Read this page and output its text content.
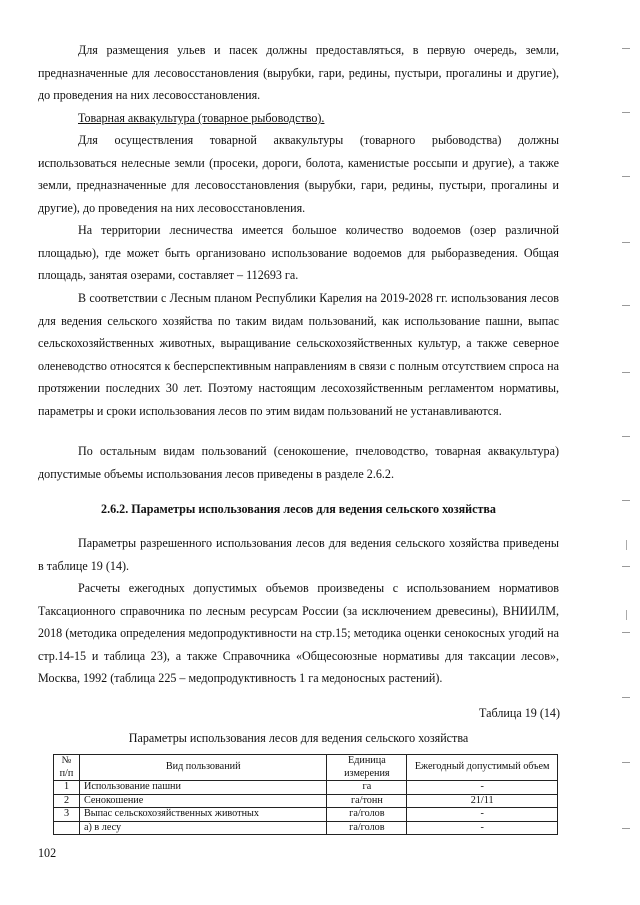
Для размещения ульев и пасек должны предоставляться, в первую очередь, земли, предназначенные для лесовосстановления (вырубки, гари, редины, пустыри, прогалины и другие), до проведения на них лесовосстановления.

Товарная аквакультура (товарное рыбоводство).

Для осуществления товарной аквакультуры (товарного рыбоводства) должны использоваться нелесные земли (просеки, дороги, болота, каменистые россыпи и другие), а также земли, предназначенные для лесовосстановления (вырубки, гари, редины, пустыри, прогалины и другие), до проведения на них лесовосстановления.

На территории лесничества имеется большое количество водоемов (озер различной площадью), где может быть организовано использование водоемов для рыборазведения. Общая площадь, занятая озерами, составляет – 112693 га.

В соответствии с Лесным планом Республики Карелия на 2019-2028 гг. использования лесов для ведения сельского хозяйства по таким видам пользований, как использование пашни, выпас сельскохозяйственных животных, выращивание сельскохозяйственных культур, а также северное оленеводство относятся к бесперспективным направлениям в связи с полным отсутствием спроса на протяжении последних 30 лет. Поэтому настоящим лесохозяйственным регламентом нормативы, параметры и сроки использования лесов по этим видам пользований не устанавливаются.

По остальным видам пользований (сенокошение, пчеловодство, товарная аквакультура) допустимые объемы использования лесов приведены в разделе 2.6.2.

2.6.2. Параметры использования лесов для ведения сельского хозяйства

Параметры разрешенного использования лесов для ведения сельского хозяйства приведены в таблице 19 (14).

Расчеты ежегодных допустимых объемов произведены с использованием нормативов Таксационного справочника по лесным ресурсам России (за исключением древесины), ВНИИЛМ, 2018 (методика определения медопродуктивности на стр.15; методика оценки сенокосных угодий на стр.14-15 и таблица 23), а также Справочника «Общесоюзные нормативы для таксации лесов», Москва, 1992 (таблица 225 – медопродуктивность 1 га медоносных растений).

Таблица 19 (14)
Параметры использования лесов для ведения сельского хозяйства
№ п/п	Вид пользований	Единица измерения	Ежегодный допустимый объем
1	Использование пашни	га	-
2	Сенокошение	га/тонн	21/11
3	Выпас сельскохозяйственных животных	га/голов	-
	а) в лесу	га/голов	-
102
